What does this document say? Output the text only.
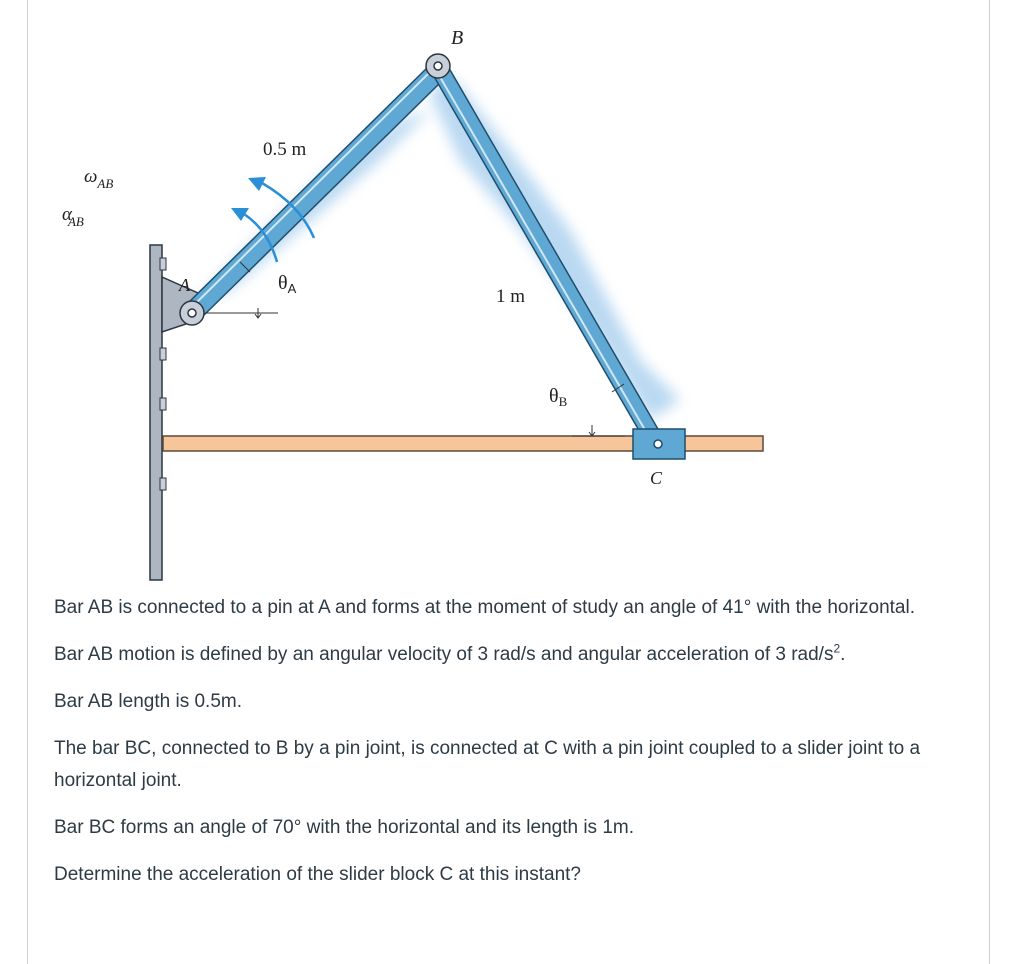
B
0.5 m
A
1 m
C
$\theta_A$
$\theta_B$
$\omega_{AB}$
αAB

Bar AB is connected to a pin at A and forms at the moment of study an angle of 41° with the horizontal.

Bar AB motion is defined by an angular velocity of 3 rad/s and angular acceleration of 3 rad/$s^2$.

Bar AB length is 0.5m.

The bar BC, connected to B by a pin joint, is connected at C with a pin joint coupled to a slider joint to a horizontal joint.

Bar BC forms an angle of 70° with the horizontal and its length is 1m.

Determine the acceleration of the slider block C at this instant?
